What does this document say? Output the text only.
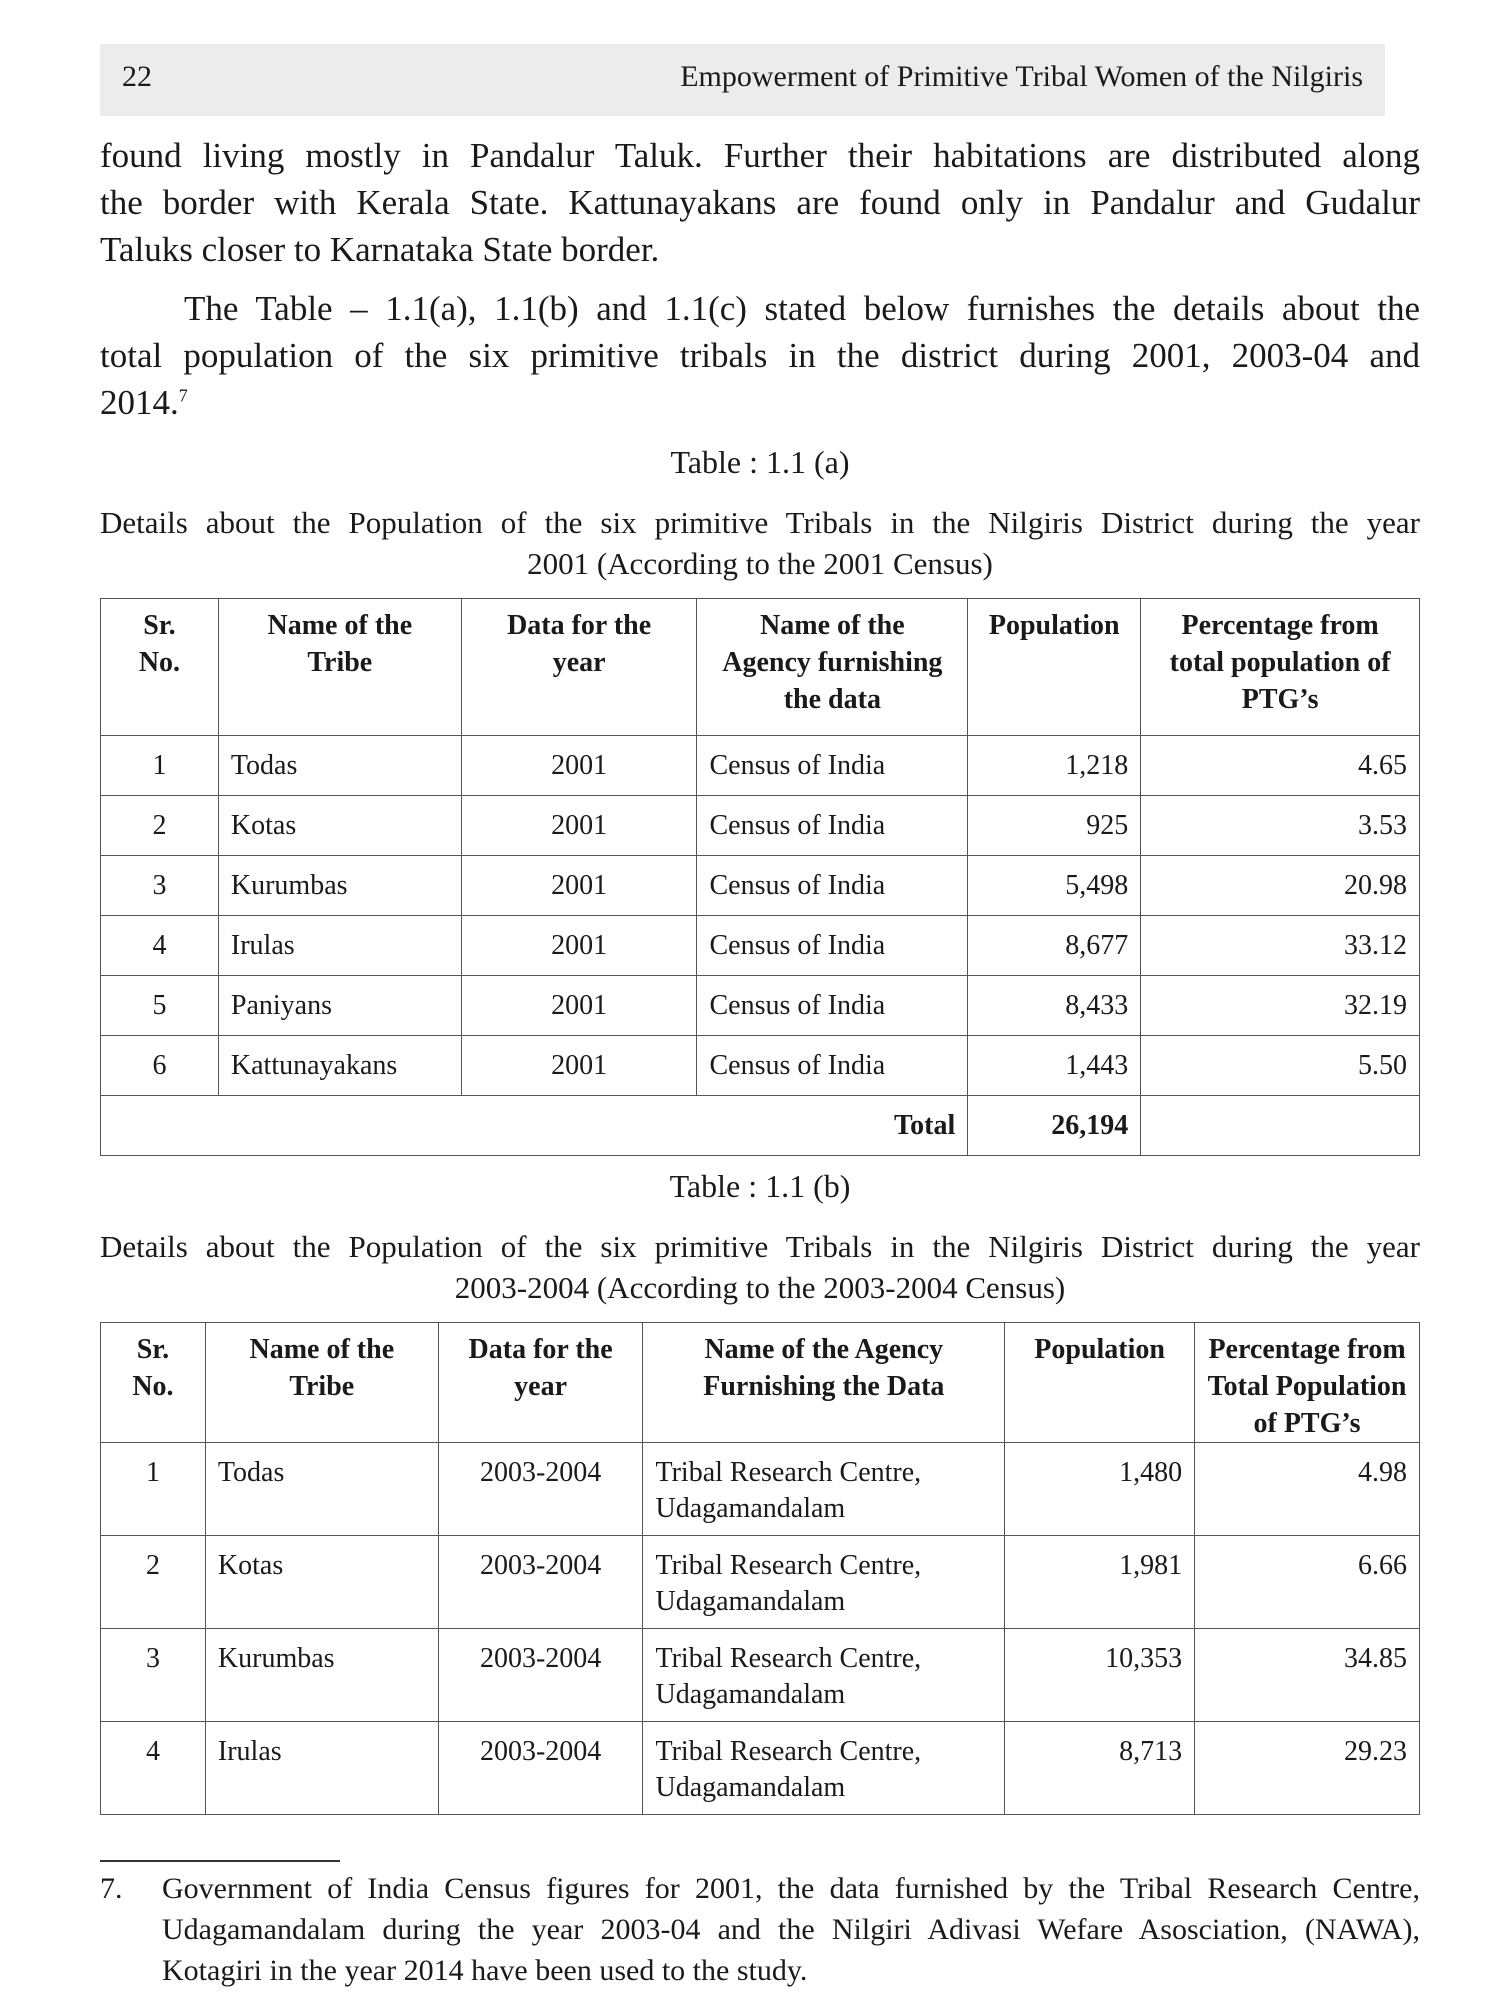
22	Empowerment of Primitive Tribal Women of the Nilgiris

found living mostly in Pandalur Taluk. Further their habitations are distributed along
the border with Kerala State. Kattunayakans are found only in Pandalur and Gudalur
Taluks closer to Karnataka State border.

The Table – 1.1(a), 1.1(b) and 1.1(c) stated below furnishes the details about the
total population of the six primitive tribals in the district during 2001, 2003-04 and
2014.$^7$

Table : 1.1 (a)

Details about the Population of the six primitive Tribals in the Nilgiris District during the year
2001 (According to the 2001 Census)

Sr.
No.	Name of the
Tribe	Data for the
year	Name of the
Agency furnishing
the data	Population	Percentage from
total population of
PTG’s
1	Todas	2001	Census of India	1,218	4.65
2	Kotas	2001	Census of India	925	3.53
3	Kurumbas	2001	Census of India	5,498	20.98
4	Irulas	2001	Census of India	8,677	33.12
5	Paniyans	2001	Census of India	8,433	32.19
6	Kattunayakans	2001	Census of India	1,443	5.50
Total				26,194	

Table : 1.1 (b)

Details about the Population of the six primitive Tribals in the Nilgiris District during the year
2003-2004 (According to the 2003-2004 Census)

Sr.
No.	Name of the
Tribe	Data for the
year	Name of the Agency
Furnishing the Data	Population	Percentage from
Total Population
of PTG’s
1	Todas	2003-2004	Tribal Research Centre,
Udagamandalam	1,480	4.98
2	Kotas	2003-2004	Tribal Research Centre,
Udagamandalam	1,981	6.66
3	Kurumbas	2003-2004	Tribal Research Centre,
Udagamandalam	10,353	34.85
4	Irulas	2003-2004	Tribal Research Centre,
Udagamandalam	8,713	29.23
7. Government of India Census figures for 2001, the data furnished by the Tribal Research Centre,
Udagamandalam during the year 2003-04 and the Nilgiri Adivasi Wefare Asosciation, (NAWA),
Kotagiri in the year 2014 have been used to the study.
